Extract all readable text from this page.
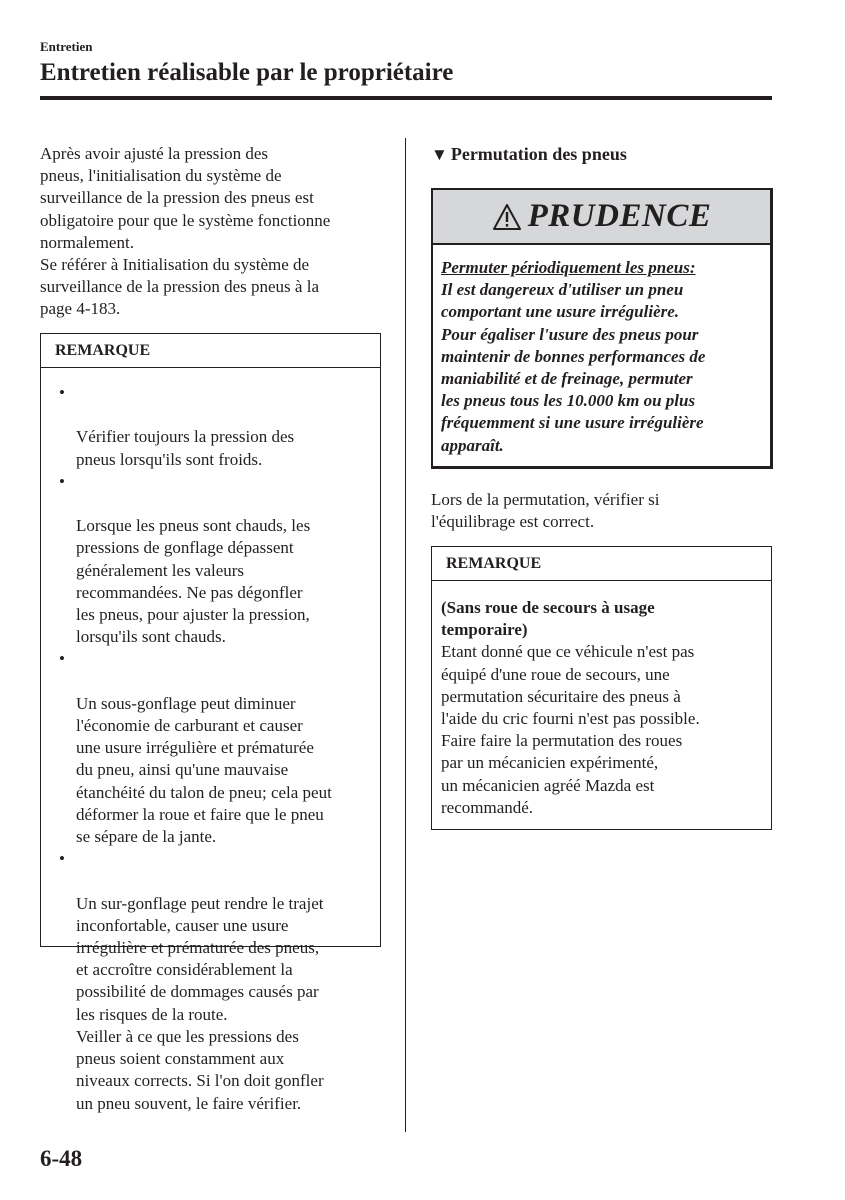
Entretien
Entretien réalisable par le propriétaire

Après avoir ajusté la pression des
pneus, l'initialisation du système de
surveillance de la pression des pneus est
obligatoire pour que le système fonctionne
normalement.
Se référer à Initialisation du système de
surveillance de la pression des pneus à la
page 4-183.

REMARQUE

•

Vérifier toujours la pression des
pneus lorsqu'ils sont froids.

•

Lorsque les pneus sont chauds, les
pressions de gonflage dépassent
généralement les valeurs
recommandées. Ne pas dégonfler
les pneus, pour ajuster la pression,
lorsqu'ils sont chauds.

•

Un sous-gonflage peut diminuer
l'économie de carburant et causer
une usure irrégulière et prématurée
du pneu, ainsi qu'une mauvaise
étanchéité du talon de pneu; cela peut
déformer la roue et faire que le pneu
se sépare de la jante.

•

Un sur-gonflage peut rendre le trajet
inconfortable, causer une usure
irrégulière et prématurée des pneus,
et accroître considérablement la
possibilité de dommages causés par
les risques de la route.
Veiller à ce que les pressions des
pneus soient constamment aux
niveaux corrects. Si l'on doit gonfler
un pneu souvent, le faire vérifier.

▼ Permutation des pneus
PRUDENCE

Permuter périodiquement les pneus:
Il est dangereux d'utiliser un pneu
comportant une usure irrégulière.
Pour égaliser l'usure des pneus pour
maintenir de bonnes performances de
maniabilité et de freinage, permuter
les pneus tous les 10.000 km ou plus
fréquemment si une usure irrégulière
apparaît.

Lors de la permutation, vérifier si
l'équilibrage est correct.

REMARQUE

(Sans roue de secours à usage
temporaire)
Etant donné que ce véhicule n'est pas
équipé d'une roue de secours, une
permutation sécuritaire des pneus à
l'aide du cric fourni n'est pas possible.
Faire faire la permutation des roues
par un mécanicien expérimenté,
un mécanicien agréé Mazda est
recommandé.

6-48
